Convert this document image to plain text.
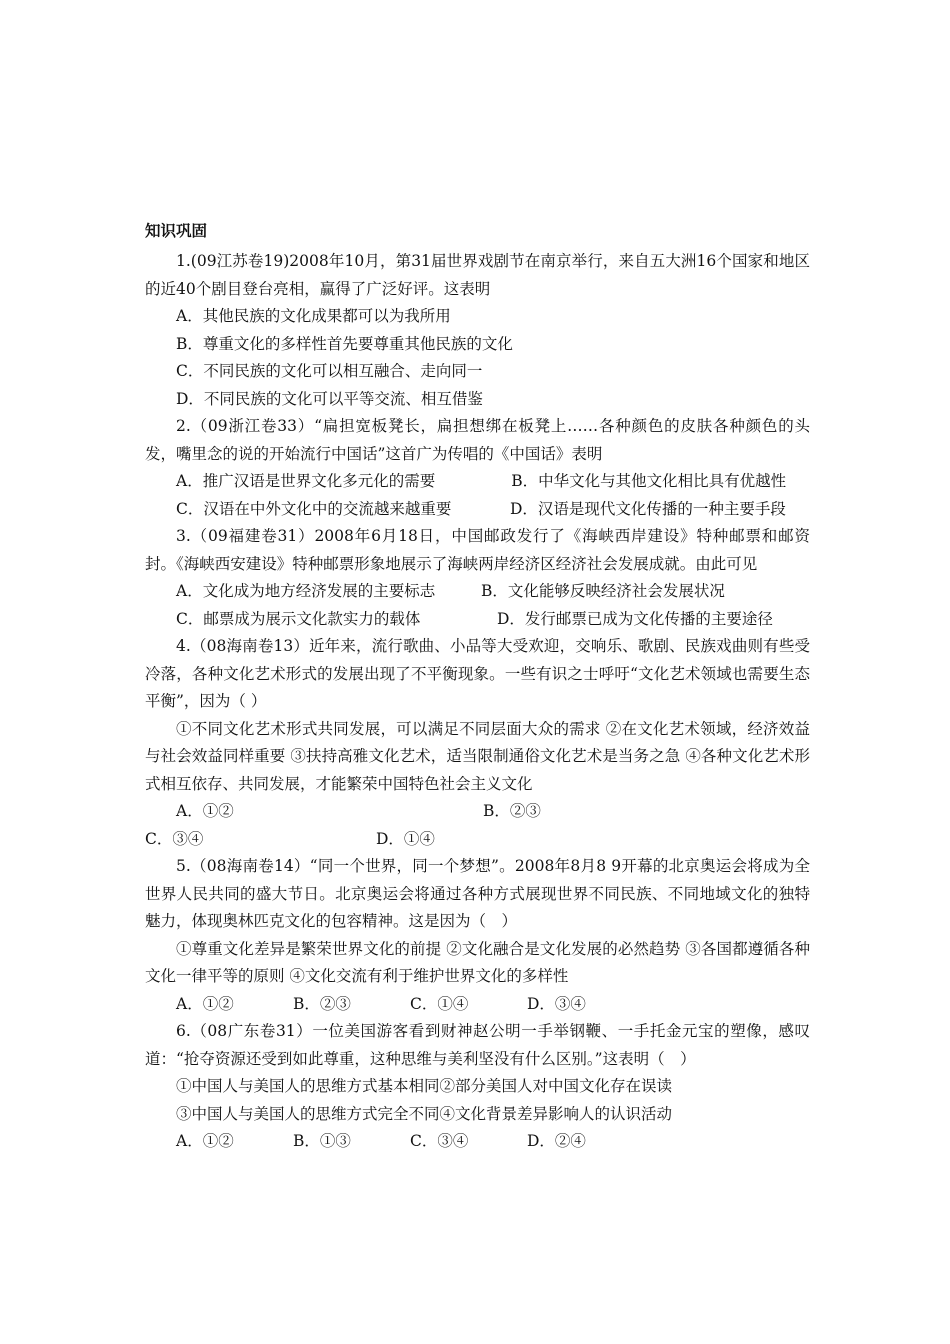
知识巩固

1.(09江苏卷19)2008年10月，第31届世界戏剧节在南京举行，来自五大洲16个国家和地区的近40个剧目登台亮相，赢得了广泛好评。这表明

A．其他民族的文化成果都可以为我所用

B．尊重文化的多样性首先要尊重其他民族的文化

C．不同民族的文化可以相互融合、走向同一

D．不同民族的文化可以平等交流、相互借鉴

2.（09浙江卷33）“扁担宽板凳长，扁担想绑在板凳上……各种颜色的皮肤各种颜色的头发，嘴里念的说的开始流行中国话”这首广为传唱的《中国话》表明

A．推广汉语是世界文化多元化的需要	B．中华文化与其他文化相比具有优越性

C．汉语在中外文化中的交流越来越重要	D．汉语是现代文化传播的一种主要手段

3.（09福建卷31）2008年6月18日，中国邮政发行了《海峡西岸建设》特种邮票和邮资封。《海峡西安建设》特种邮票形象地展示了海峡两岸经济区经济社会发展成就。由此可见

A．文化成为地方经济发展的主要标志	B．文化能够反映经济社会发展状况
C．邮票成为展示文化款实力的载体	D．发行邮票已成为文化传播的主要途径

4.（08海南卷13）近年来，流行歌曲、小品等大受欢迎，交响乐、歌剧、民族戏曲则有些受冷落，各种文化艺术形式的发展出现了不平衡现象。一些有识之士呼吁“文化艺术领域也需要生态平衡”，因为（ ）

①不同文化艺术形式共同发展，可以满足不同层面大众的需求 ②在文化艺术领域，经济效益与社会效益同样重要 ③扶持高雅文化艺术，适当限制通俗文化艺术是当务之急 ④各种文化艺术形式相互依存、共同发展，才能繁荣中国特色社会主义文化

A．①②	B．②③
C．③④	D．①④

5.（08海南卷14）“同一个世界，同一个梦想”。2008年8月8 9开幕的北京奥运会将成为全世界人民共同的盛大节日。北京奥运会将通过各种方式展现世界不同民族、不同地域文化的独特魅力，体现奥林匹克文化的包容精神。这是因为（　）

①尊重文化差异是繁荣世界文化的前提 ②文化融合是文化发展的必然趋势 ③各国都遵循各种文化一律平等的原则 ④文化交流有利于维护世界文化的多样性

A．①②	B．②③	C．①④	D．③④

6.（08广东卷31）一位美国游客看到财神赵公明一手举钢鞭、一手托金元宝的塑像，感叹道：“抢夺资源还受到如此尊重，这种思维与美利坚没有什么区别。”这表明（　）

①中国人与美国人的思维方式基本相同②部分美国人对中国文化存在误读

③中国人与美国人的思维方式完全不同④文化背景差异影响人的认识活动

A．①②	B．①③	C．③④	D．②④
